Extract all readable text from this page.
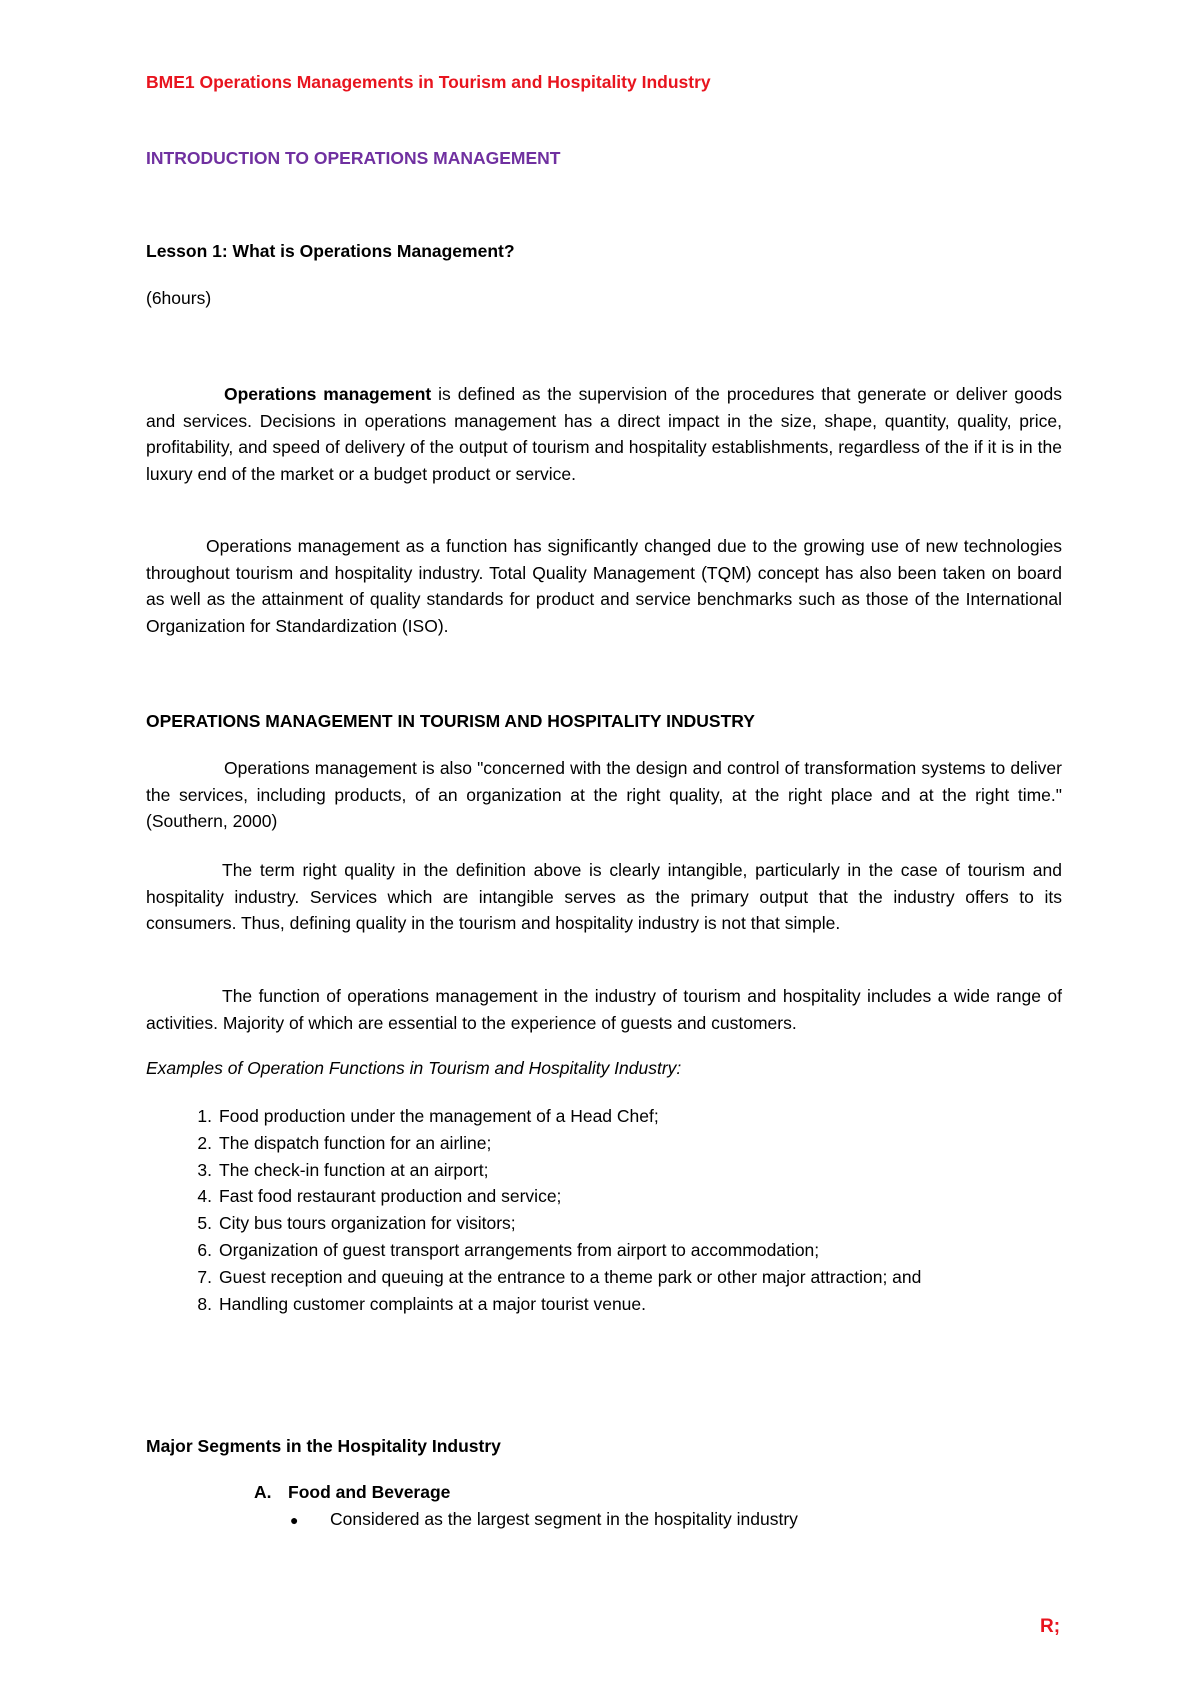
BME1 Operations Managements in Tourism and Hospitality Industry
INTRODUCTION TO OPERATIONS MANAGEMENT
Lesson 1: What is Operations Management?
(6hours)

Operations management is defined as the supervision of the procedures that generate or deliver goods and services. Decisions in operations management has a direct impact in the size, shape, quantity, quality, price, profitability, and speed of delivery of the output of tourism and hospitality establishments, regardless of the if it is in the luxury end of the market or a budget product or service.

Operations management as a function has significantly changed due to the growing use of new technologies throughout tourism and hospitality industry. Total Quality Management (TQM) concept has also been taken on board as well as the attainment of quality standards for product and service benchmarks such as those of the International Organization for Standardization (ISO).

OPERATIONS MANAGEMENT IN TOURISM AND HOSPITALITY INDUSTRY

Operations management is also "concerned with the design and control of transformation systems to deliver the services, including products, of an organization at the right quality, at the right place and at the right time." (Southern, 2000)

The term right quality in the definition above is clearly intangible, particularly in the case of tourism and hospitality industry. Services which are intangible serves as the primary output that the industry offers to its consumers. Thus, defining quality in the tourism and hospitality industry is not that simple.

The function of operations management in the industry of tourism and hospitality includes a wide range of activities. Majority of which are essential to the experience of guests and customers.

Examples of Operation Functions in Tourism and Hospitality Industry:
1. Food production under the management of a Head Chef;
2. The dispatch function for an airline;
3. The check-in function at an airport;
4. Fast food restaurant production and service;
5. City bus tours organization for visitors;
6. Organization of guest transport arrangements from airport to accommodation;
7. Guest reception and queuing at the entrance to a theme park or other major attraction; and
8. Handling customer complaints at a major tourist venue.
Major Segments in the Hospitality Industry
A. Food and Beverage
● Considered as the largest segment in the hospitality industry
R;
